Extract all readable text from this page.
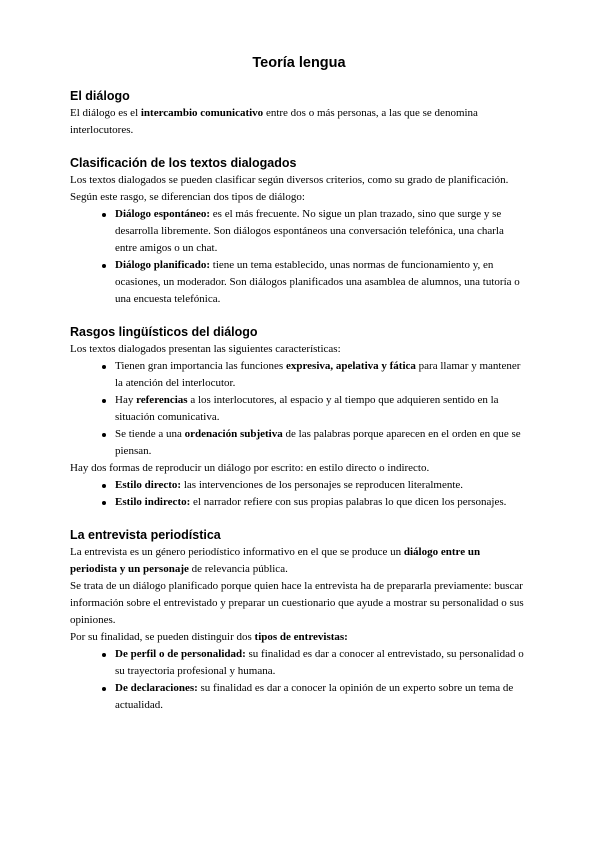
Teoría lengua
El diálogo

El diálogo es el intercambio comunicativo entre dos o más personas, a las que se denomina interlocutores.

Clasificación de los textos dialogados

Los textos dialogados se pueden clasificar según diversos criterios, como su grado de planificación. Según este rasgo, se diferencian dos tipos de diálogo:

Diálogo espontáneo: es el más frecuente. No sigue un plan trazado, sino que surge y se desarrolla libremente. Son diálogos espontáneos una conversación telefónica, una charla entre amigos o un chat.
Diálogo planificado: tiene un tema establecido, unas normas de funcionamiento y, en ocasiones, un moderador. Son diálogos planificados una asamblea de alumnos, una tutoría o una encuesta telefónica.
Rasgos lingüísticos del diálogo

Los textos dialogados presentan las siguientes características:

Tienen gran importancia las funciones expresiva, apelativa y fática para llamar y mantener la atención del interlocutor.
Hay referencias a los interlocutores, al espacio y al tiempo que adquieren sentido en la situación comunicativa.
Se tiende a una ordenación subjetiva de las palabras porque aparecen en el orden en que se piensan.

Hay dos formas de reproducir un diálogo por escrito: en estilo directo o indirecto.

Estilo directo: las intervenciones de los personajes se reproducen literalmente.
Estilo indirecto: el narrador refiere con sus propias palabras lo que dicen los personajes.
La entrevista periodística

La entrevista es un género periodístico informativo en el que se produce un diálogo entre un periodista y un personaje de relevancia pública.

Se trata de un diálogo planificado porque quien hace la entrevista ha de prepararla previamente: buscar información sobre el entrevistado y preparar un cuestionario que ayude a mostrar su personalidad o sus opiniones.

Por su finalidad, se pueden distinguir dos tipos de entrevistas:

De perfil o de personalidad: su finalidad es dar a conocer al entrevistado, su personalidad o su trayectoria profesional y humana.
De declaraciones: su finalidad es dar a conocer la opinión de un experto sobre un tema de actualidad.
